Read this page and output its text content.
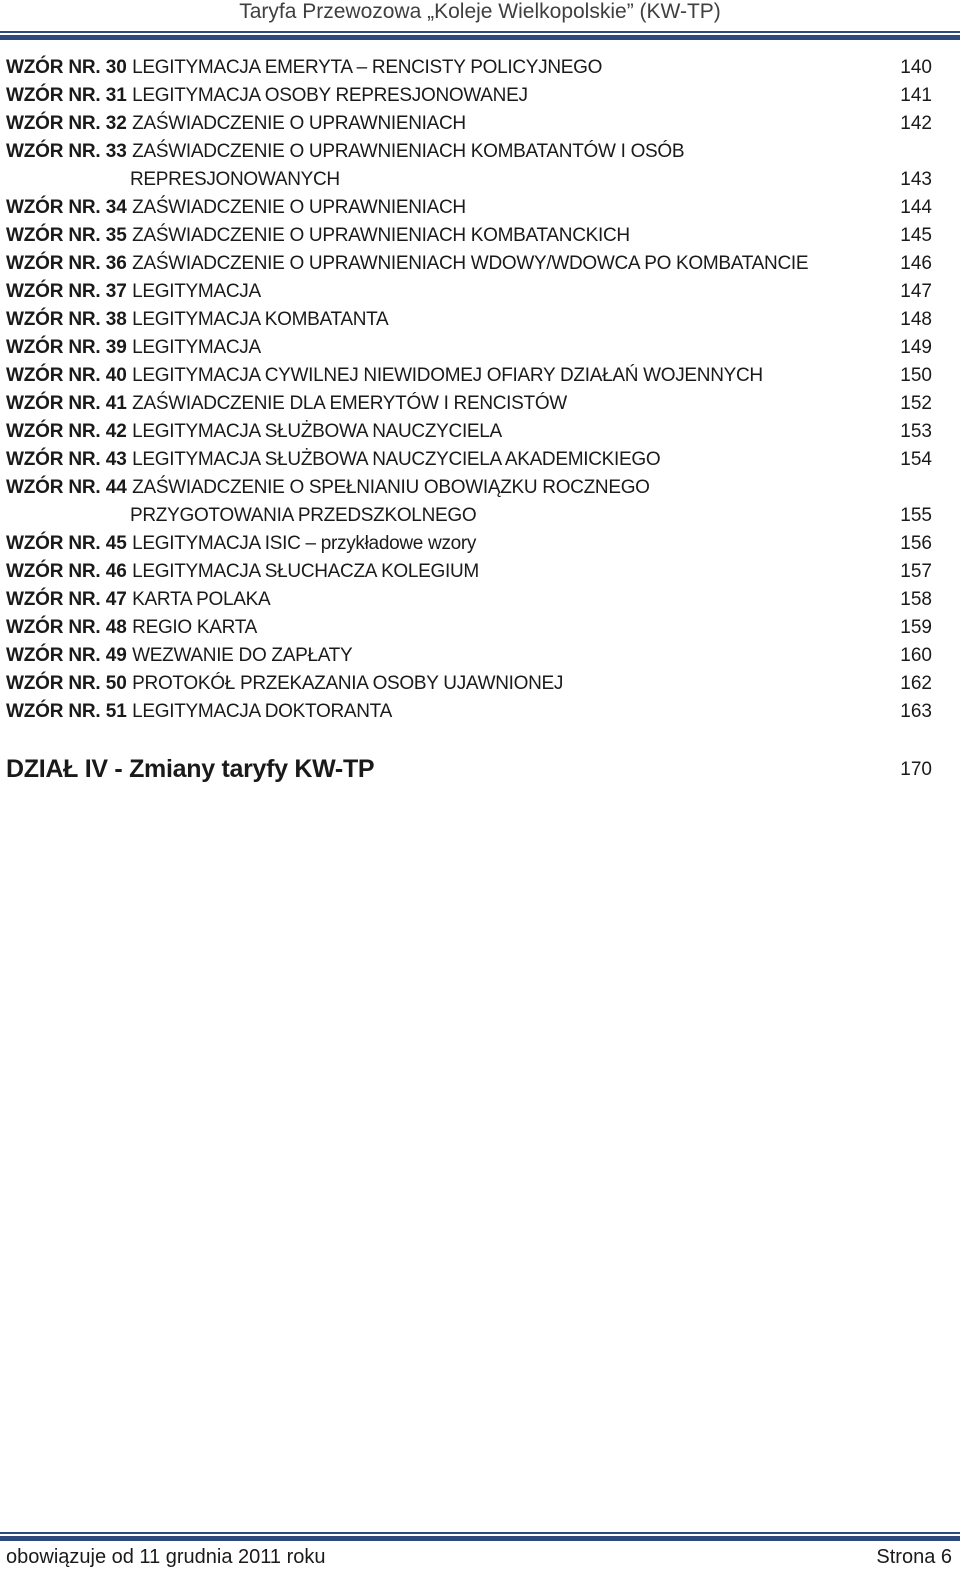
Taryfa Przewozowa „Koleje Wielkopolskie” (KW-TP)
WZÓR NR. 30 LEGITYMACJA EMERYTA – RENCISTY POLICYJNEGO	140
WZÓR NR. 31 LEGITYMACJA OSOBY REPRESJONOWANEJ	141
WZÓR NR. 32 ZAŚWIADCZENIE O UPRAWNIENIACH	142
WZÓR NR. 33 ZAŚWIADCZENIE O UPRAWNIENIACH KOMBATANTÓW I OSÓB
REPRESJONOWANYCH	143
WZÓR NR. 34 ZAŚWIADCZENIE O UPRAWNIENIACH	144
WZÓR NR. 35 ZAŚWIADCZENIE O UPRAWNIENIACH KOMBATANCKICH	145
WZÓR NR. 36 ZAŚWIADCZENIE O UPRAWNIENIACH WDOWY/WDOWCA PO KOMBATANCIE	146
WZÓR NR. 37 LEGITYMACJA	147
WZÓR NR. 38 LEGITYMACJA KOMBATANTA	148
WZÓR NR. 39 LEGITYMACJA	149
WZÓR NR. 40 LEGITYMACJA CYWILNEJ NIEWIDOMEJ OFIARY DZIAŁAŃ WOJENNYCH	150
WZÓR NR. 41 ZAŚWIADCZENIE DLA EMERYTÓW I RENCISTÓW	152
WZÓR NR. 42 LEGITYMACJA SŁUŻBOWA NAUCZYCIELA	153
WZÓR NR. 43 LEGITYMACJA SŁUŻBOWA NAUCZYCIELA AKADEMICKIEGO	154
WZÓR NR. 44 ZAŚWIADCZENIE O SPEŁNIANIU OBOWIĄZKU ROCZNEGO
PRZYGOTOWANIA PRZEDSZKOLNEGO	155
WZÓR NR. 45 LEGITYMACJA ISIC – przykładowe wzory	156
WZÓR NR. 46 LEGITYMACJA SŁUCHACZA KOLEGIUM	157
WZÓR NR. 47 KARTA POLAKA	158
WZÓR NR. 48 REGIO KARTA	159
WZÓR NR. 49 WEZWANIE DO ZAPŁATY	160
WZÓR NR. 50 PROTOKÓŁ PRZEKAZANIA OSOBY UJAWNIONEJ	162
WZÓR NR. 51 LEGITYMACJA DOKTORANTA	163
DZIAŁ IV - Zmiany taryfy KW-TP	170
obowiązuje od 11 grudnia 2011 roku	Strona 6
